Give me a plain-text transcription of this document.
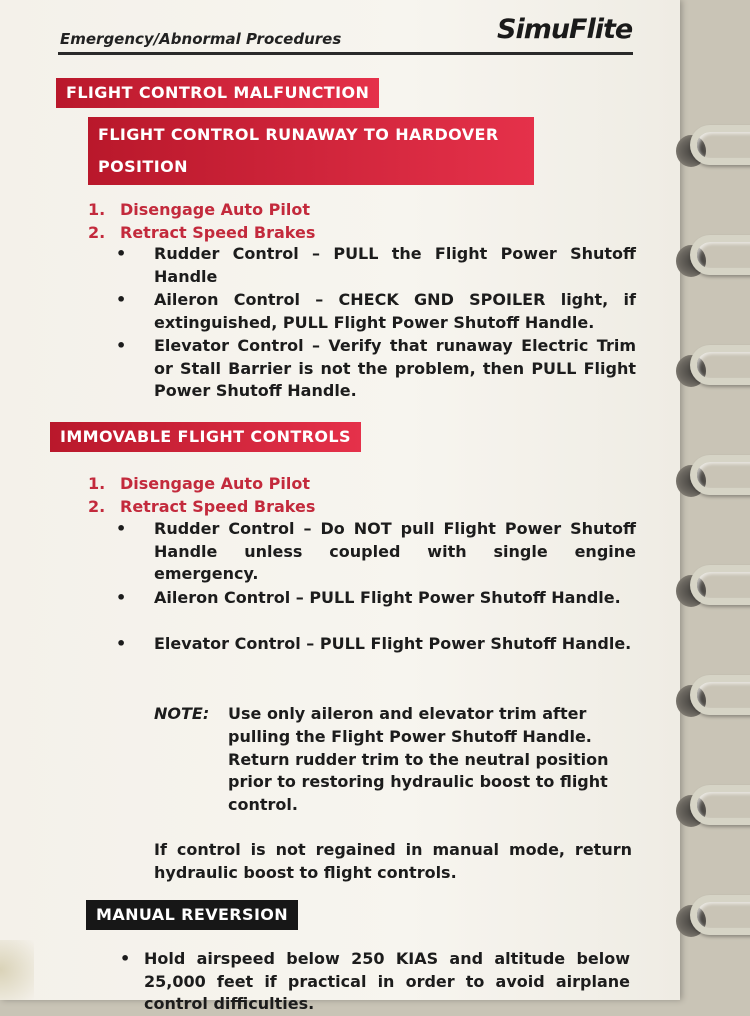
Emergency/Abnormal Procedures	SimuFlite
FLIGHT CONTROL MALFUNCTION
FLIGHT CONTROL RUNAWAY TO HARDOVER
POSITION
1. Disengage Auto Pilot
2. Retract Speed Brakes
• Rudder Control – PULL the Flight Power Shutoff Handle
• Aileron Control – CHECK GND SPOILER light, if extinguished, PULL Flight Power Shutoff Handle.
• Elevator Control – Verify that runaway Electric Trim or Stall Barrier is not the problem, then PULL Flight Power Shutoff Handle.
IMMOVABLE FLIGHT CONTROLS
1. Disengage Auto Pilot
2. Retract Speed Brakes
• Rudder Control – Do NOT pull Flight Power Shutoff Handle unless coupled with single engine emergency.
• Aileron Control – PULL Flight Power Shutoff Handle.
• Elevator Control – PULL Flight Power Shutoff Handle.
NOTE: Use only aileron and elevator trim after pulling the Flight Power Shutoff Handle. Return rudder trim to the neutral position prior to restoring hydraulic boost to flight control.
If control is not regained in manual mode, return hydraulic boost to flight controls.
MANUAL REVERSION
• Hold airspeed below 250 KIAS and altitude below 25,000 feet if practical in order to avoid airplane control difficulties.
